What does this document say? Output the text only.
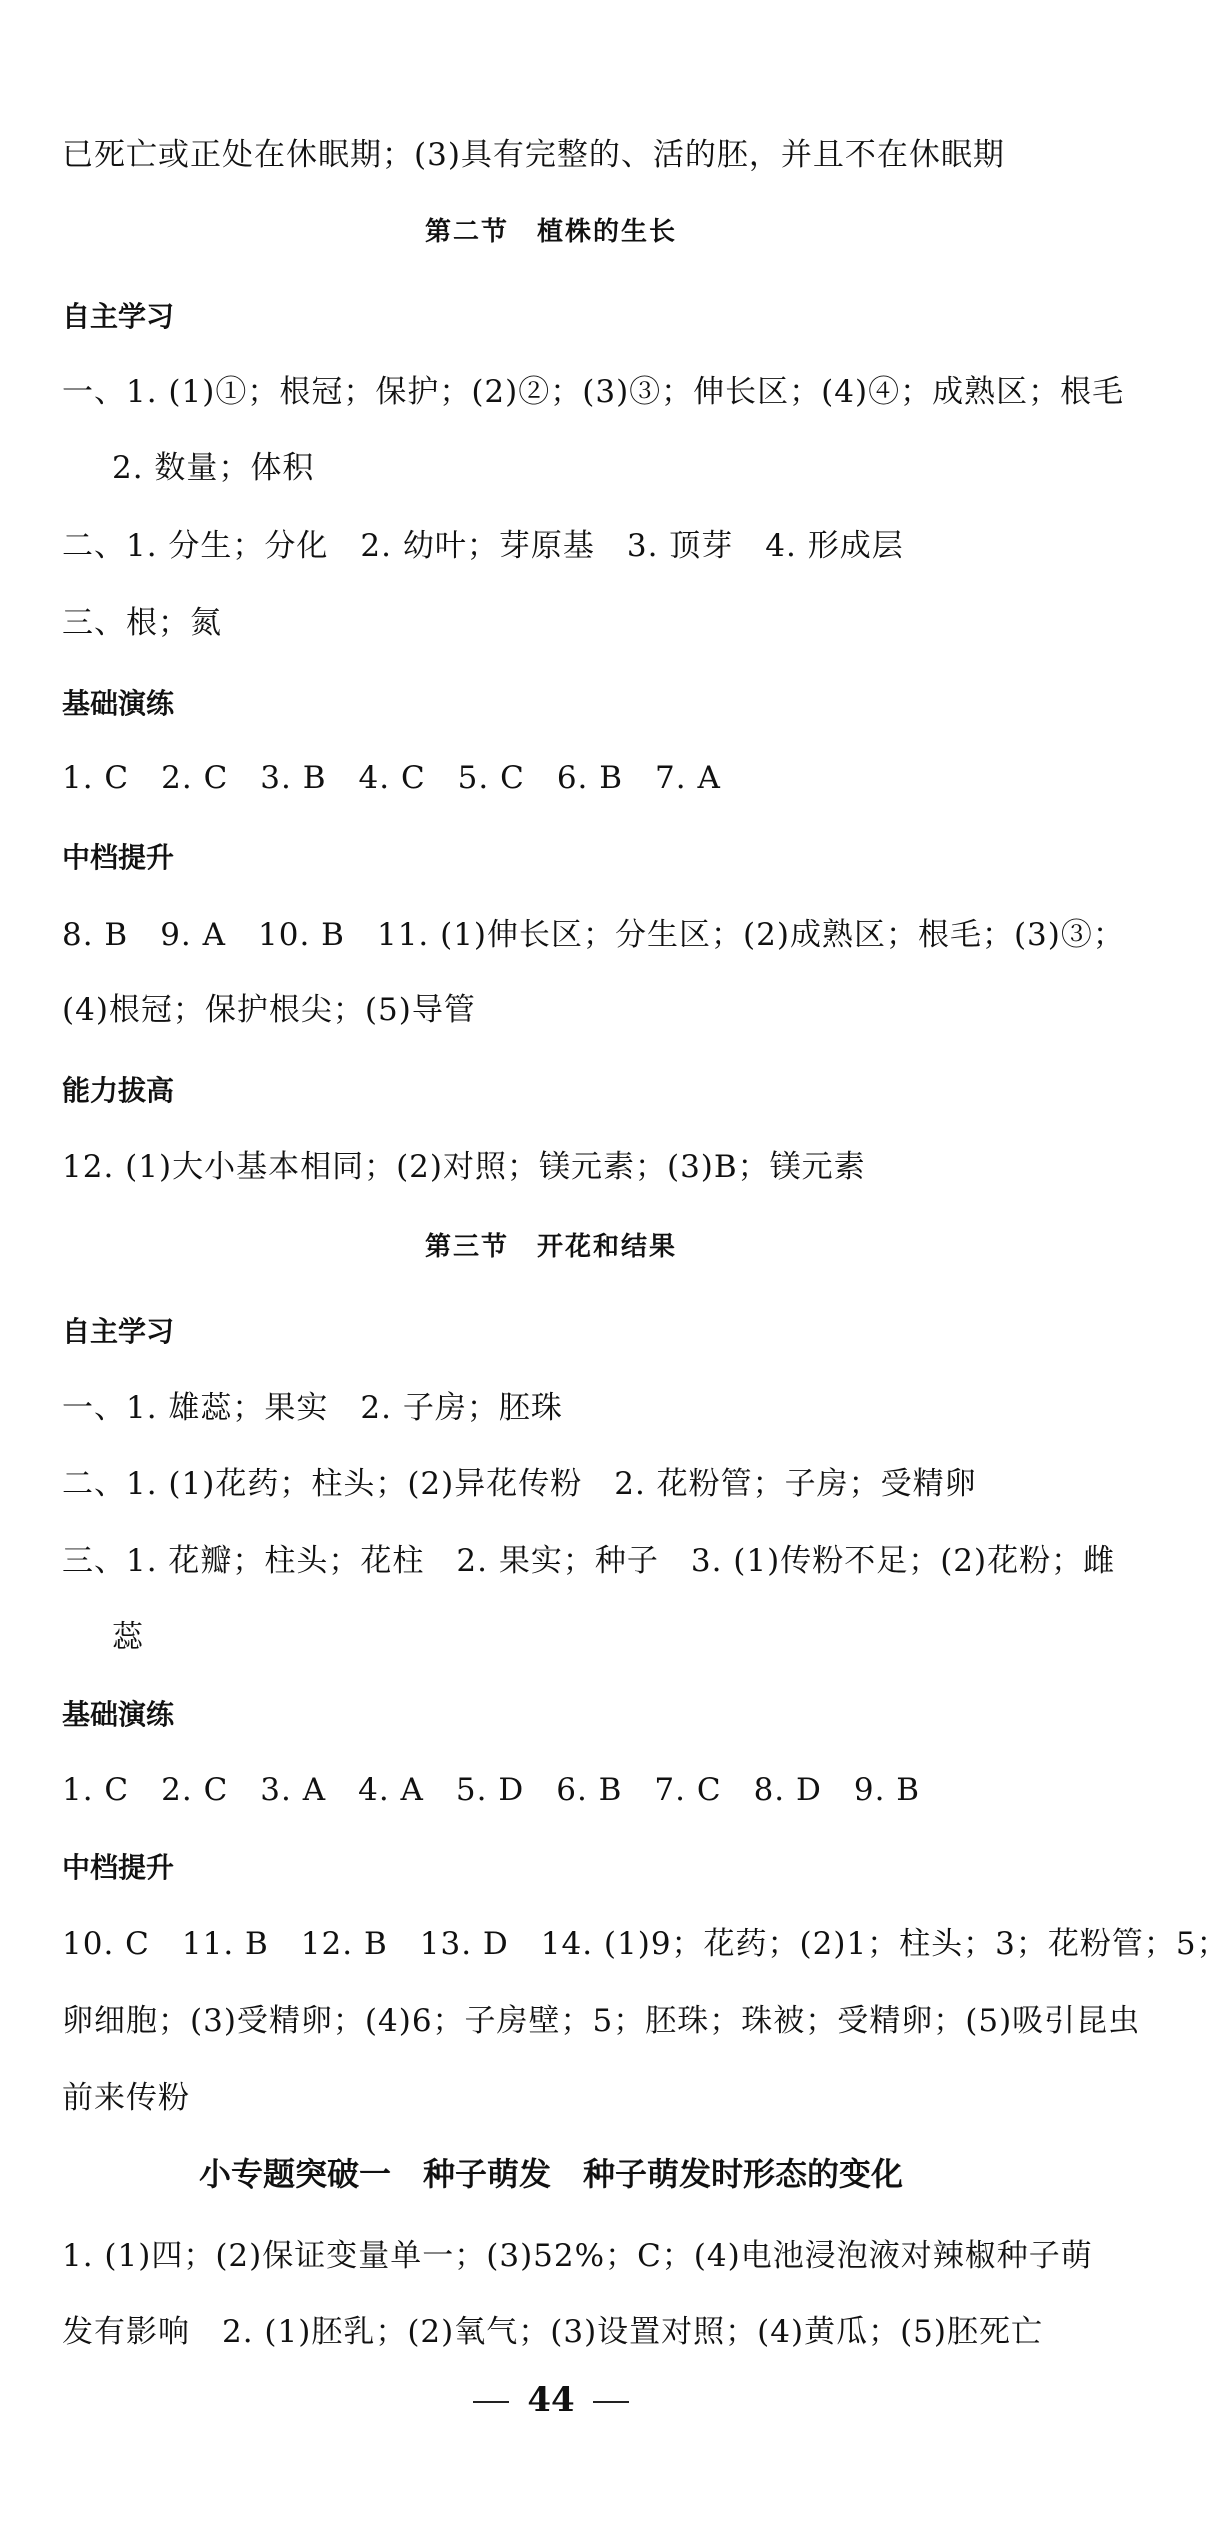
已死亡或正处在休眠期；(3)具有完整的、活的胚，并且不在休眠期
第二节　植株的生长
自主学习
一、1. (1)①；根冠；保护；(2)②；(3)③；伸长区；(4)④；成熟区；根毛
2. 数量；体积
二、1. 分生；分化　2. 幼叶；芽原基　3. 顶芽　4. 形成层
三、根；氮
基础演练
1. C　2. C　3. B　4. C　5. C　6. B　7. A
中档提升
8. B　9. A　10. B　11. (1)伸长区；分生区；(2)成熟区；根毛；(3)③；
(4)根冠；保护根尖；(5)导管
能力拔高
12. (1)大小基本相同；(2)对照；镁元素；(3)B；镁元素
第三节　开花和结果
自主学习
一、1. 雄蕊；果实　2. 子房；胚珠
二、1. (1)花药；柱头；(2)异花传粉　2. 花粉管；子房；受精卵
三、1. 花瓣；柱头；花柱　2. 果实；种子　3. (1)传粉不足；(2)花粉；雌
蕊
基础演练
1. C　2. C　3. A　4. A　5. D　6. B　7. C　8. D　9. B
中档提升
10. C　11. B　12. B　13. D　14. (1)9；花药；(2)1；柱头；3；花粉管；5；
卵细胞；(3)受精卵；(4)6；子房壁；5；胚珠；珠被；受精卵；(5)吸引昆虫
前来传粉
小专题突破一　种子萌发　种子萌发时形态的变化
1. (1)四；(2)保证变量单一；(3)52%；C；(4)电池浸泡液对辣椒种子萌
发有影响　2. (1)胚乳；(2)氧气；(3)设置对照；(4)黄瓜；(5)胚死亡
44
